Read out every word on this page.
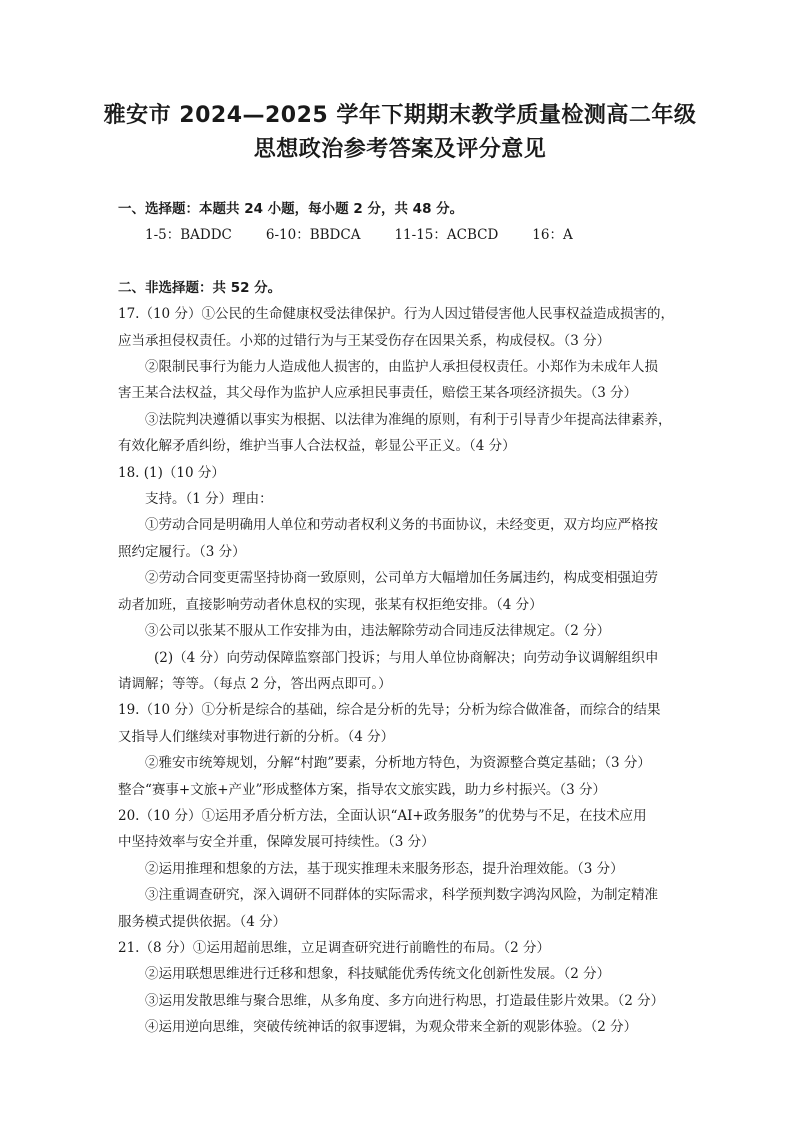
雅安市 2024—2025 学年下期期末教学质量检测高二年级
思想政治参考答案及评分意见
一、选择题：本题共 24 小题，每小题 2 分，共 48 分。
1-5：BADDC	6-10：BBDCA	11-15：ACBCD	16：A
二、非选择题：共 52 分。
17.（10 分）①公民的生命健康权受法律保护。行为人因过错侵害他人民事权益造成损害的，
应当承担侵权责任。小郑的过错行为与王某受伤存在因果关系，构成侵权。（3 分）
②限制民事行为能力人造成他人损害的，由监护人承担侵权责任。小郑作为未成年人损
害王某合法权益，其父母作为监护人应承担民事责任，赔偿王某各项经济损失。（3 分）
③法院判决遵循以事实为根据、以法律为准绳的原则，有利于引导青少年提高法律素养，
有效化解矛盾纠纷，维护当事人合法权益，彰显公平正义。（4 分）
18. (1)（10 分）
支持。（1 分）理由：
①劳动合同是明确用人单位和劳动者权利义务的书面协议，未经变更，双方均应严格按
照约定履行。（3 分）
②劳动合同变更需坚持协商一致原则，公司单方大幅增加任务属违约，构成变相强迫劳
动者加班，直接影响劳动者休息权的实现，张某有权拒绝安排。（4 分）
③公司以张某不服从工作安排为由，违法解除劳动合同违反法律规定。（2 分）
(2)（4 分）向劳动保障监察部门投诉；与用人单位协商解决；向劳动争议调解组织申
请调解；等等。（每点 2 分，答出两点即可。）
19.（10 分）①分析是综合的基础，综合是分析的先导；分析为综合做准备，而综合的结果
又指导人们继续对事物进行新的分析。（4 分）
②雅安市统筹规划，分解“村跑”要素，分析地方特色，为资源整合奠定基础；（3 分）
整合“赛事+文旅+产业”形成整体方案，指导农文旅实践，助力乡村振兴。（3 分）
20.（10 分）①运用矛盾分析方法，全面认识“AI+政务服务”的优势与不足，在技术应用
中坚持效率与安全并重，保障发展可持续性。（3 分）
②运用推理和想象的方法，基于现实推理未来服务形态，提升治理效能。（3 分）
③注重调查研究，深入调研不同群体的实际需求，科学预判数字鸿沟风险，为制定精准
服务模式提供依据。（4 分）
21.（8 分）①运用超前思维，立足调查研究进行前瞻性的布局。（2 分）
②运用联想思维进行迁移和想象，科技赋能优秀传统文化创新性发展。（2 分）
③运用发散思维与聚合思维，从多角度、多方向进行构思，打造最佳影片效果。（2 分）
④运用逆向思维，突破传统神话的叙事逻辑，为观众带来全新的观影体验。（2 分）
